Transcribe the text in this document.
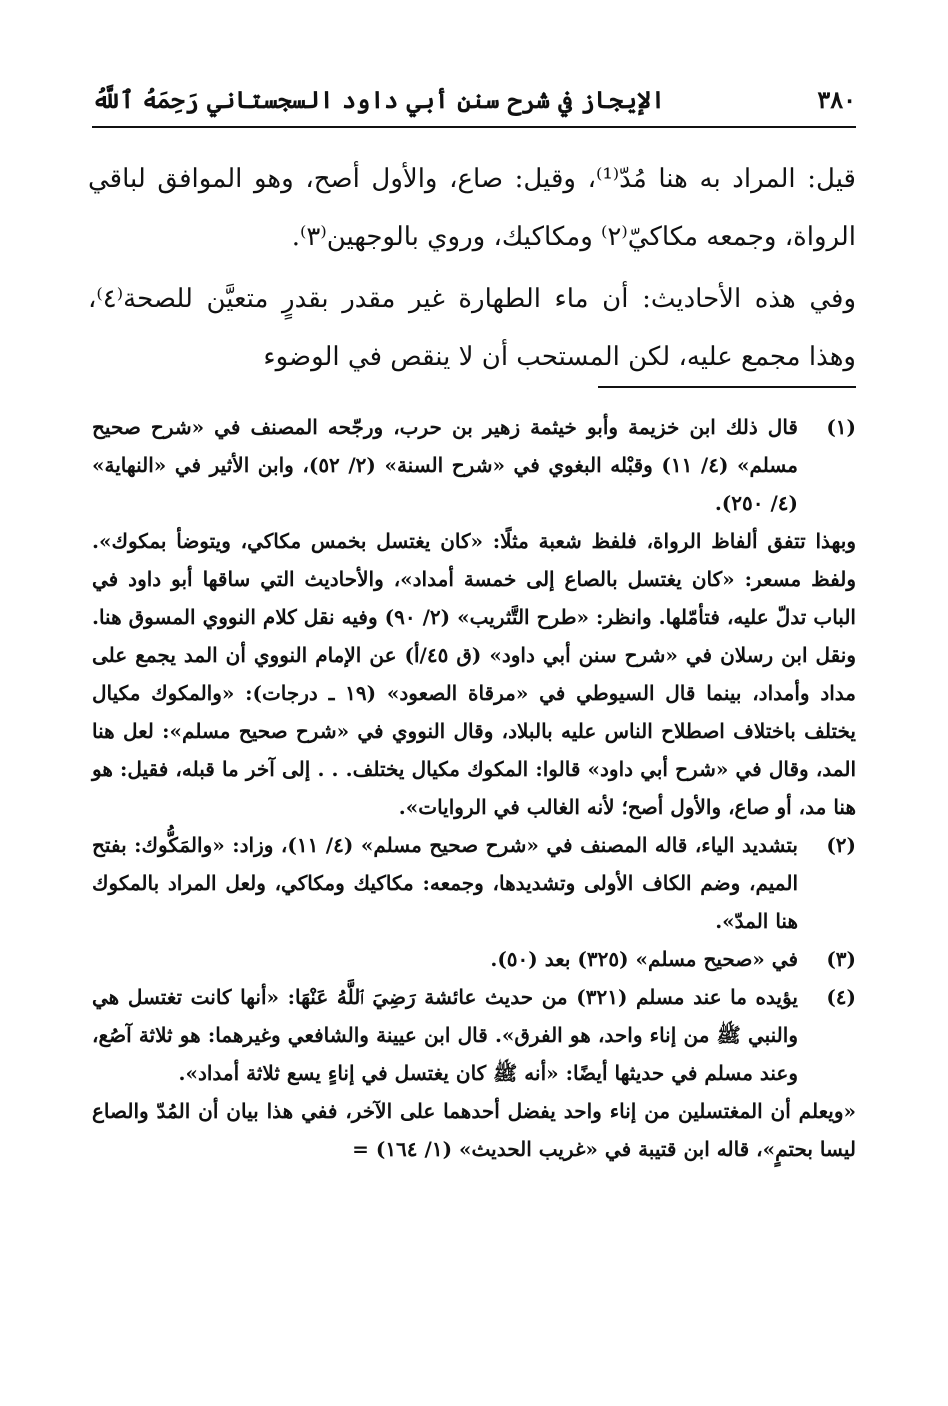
٣٨٠
الإيجاز في شرح سنن أبي داود السجستاني رَحِمَهُ ٱللَّهُ

قيل: المراد به هنا مُدّ⁽¹⁾، وقيل: صاع، والأول أصح، وهو الموافق لباقي الرواة، وجمعه مكاكيّ⁽٢⁾ ومكاكيك، وروي بالوجهين⁽٣⁾.

وفي هذه الأحاديث: أن ماء الطهارة غير مقدر بقدرٍ متعيَّن للصحة⁽٤⁾، وهذا مجمع عليه، لكن المستحب أن لا ينقص في الوضوء

(١)

قال ذلك ابن خزيمة وأبو خيثمة زهير بن حرب، ورجّحه المصنف في «شرح صحيح مسلم» (٤/ ١١) وقبْله البغوي في «شرح السنة» (٢/ ٥٢)، وابن الأثير في «النهاية» (٤/ ٢٥٠).

وبهذا تتفق ألفاظ الرواة، فلفظ شعبة مثلًا: «كان يغتسل بخمس مكاكي، ويتوضأ بمكوك». ولفظ مسعر: «كان يغتسل بالصاع إلى خمسة أمداد»، والأحاديث التي ساقها أبو داود في الباب تدلّ عليه، فتأمّلها. وانظر: «طرح التَّثريب» (٢/ ٩٠) وفيه نقل كلام النووي المسوق هنا. ونقل ابن رسلان في «شرح سنن أبي داود» (ق ٤٥/أ) عن الإمام النووي أن المد يجمع على مداد وأمداد، بينما قال السيوطي في «مرقاة الصعود» (١٩ ـ درجات): «والمكوك مكيال يختلف باختلاف اصطلاح الناس عليه بالبلاد، وقال النووي في «شرح صحيح مسلم»: لعل هنا المد، وقال في «شرح أبي داود» قالوا: المكوك مكيال يختلف. . . إلى آخر ما قبله، فقيل: هو هنا مد، أو صاع، والأول أصح؛ لأنه الغالب في الروايات».

(٢)

بتشديد الياء، قاله المصنف في «شرح صحيح مسلم» (٤/ ١١)، وزاد: «والمَكُّوك: بفتح الميم، وضم الكاف الأولى وتشديدها، وجمعه: مكاكيك ومكاكي، ولعل المراد بالمكوك هنا المدّ».

(٣)

في «صحيح مسلم» (٣٢٥) بعد (٥٠).

(٤)

يؤيده ما عند مسلم (٣٢١) من حديث عائشة رَضِيَ ٱللَّهُ عَنْهَا: «أنها كانت تغتسل هي والنبي ﷺ من إناء واحد، هو الفرق». قال ابن عيينة والشافعي وغيرهما: هو ثلاثة آصُع، وعند مسلم في حديثها أيضًا: «أنه ﷺ كان يغتسل في إناءٍ يسع ثلاثة أمداد».

«ويعلم أن المغتسلين من إناء واحد يفضل أحدهما على الآخر، ففي هذا بيان أن المُدّ والصاع ليسا بحتمٍ»، قاله ابن قتيبة في «غريب الحديث» (١/ ١٦٤) =
